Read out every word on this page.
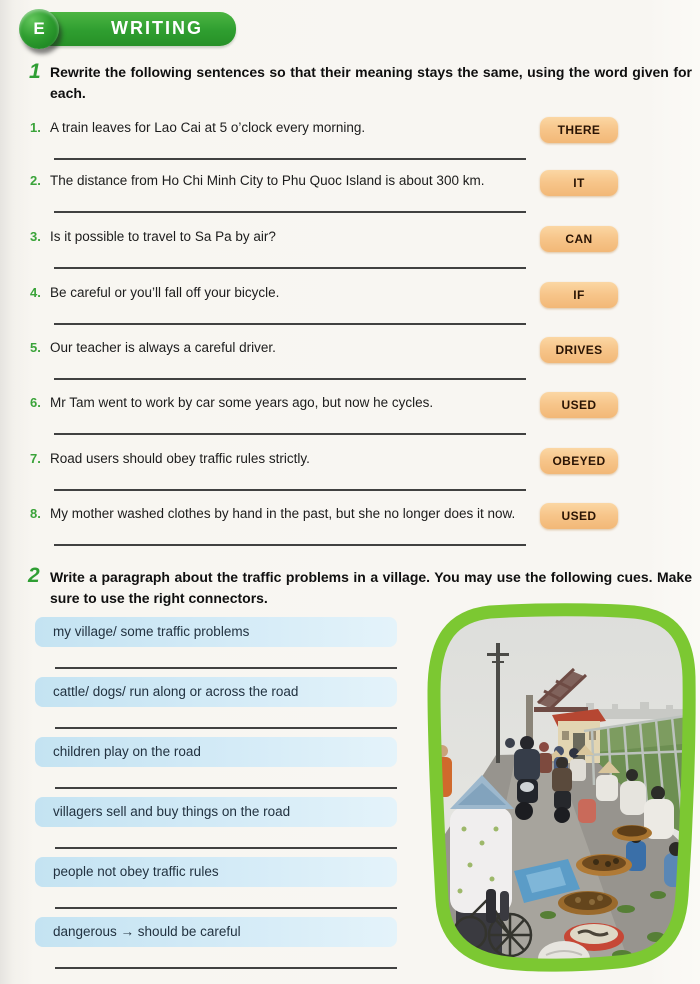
WRITING
E
1 Rewrite the following sentences so that their meaning stays the same, using the word given for each.

1. A train leaves for Lao Cai at 5 o’clock every morning.	THERE
2. The distance from Ho Chi Minh City to Phu Quoc Island is about 300 km.	IT
3. Is it possible to travel to Sa Pa by air?	CAN
4. Be careful or you’ll fall off your bicycle.	IF
5. Our teacher is always a careful driver.	DRIVES
6. Mr Tam went to work by car some years ago, but now he cycles.	USED
7. Road users should obey traffic rules strictly.	OBEYED
8. My mother washed clothes by hand in the past, but she no longer does it now.	USED
2 Write a paragraph about the traffic problems in a village. You may use the following cues. Make sure to use the right connectors.

my village/ some traffic problems
cattle/ dogs/ run along or across the road
children play on the road
villagers sell and buy things on the road
people not obey traffic rules
dangerous → should be careful
